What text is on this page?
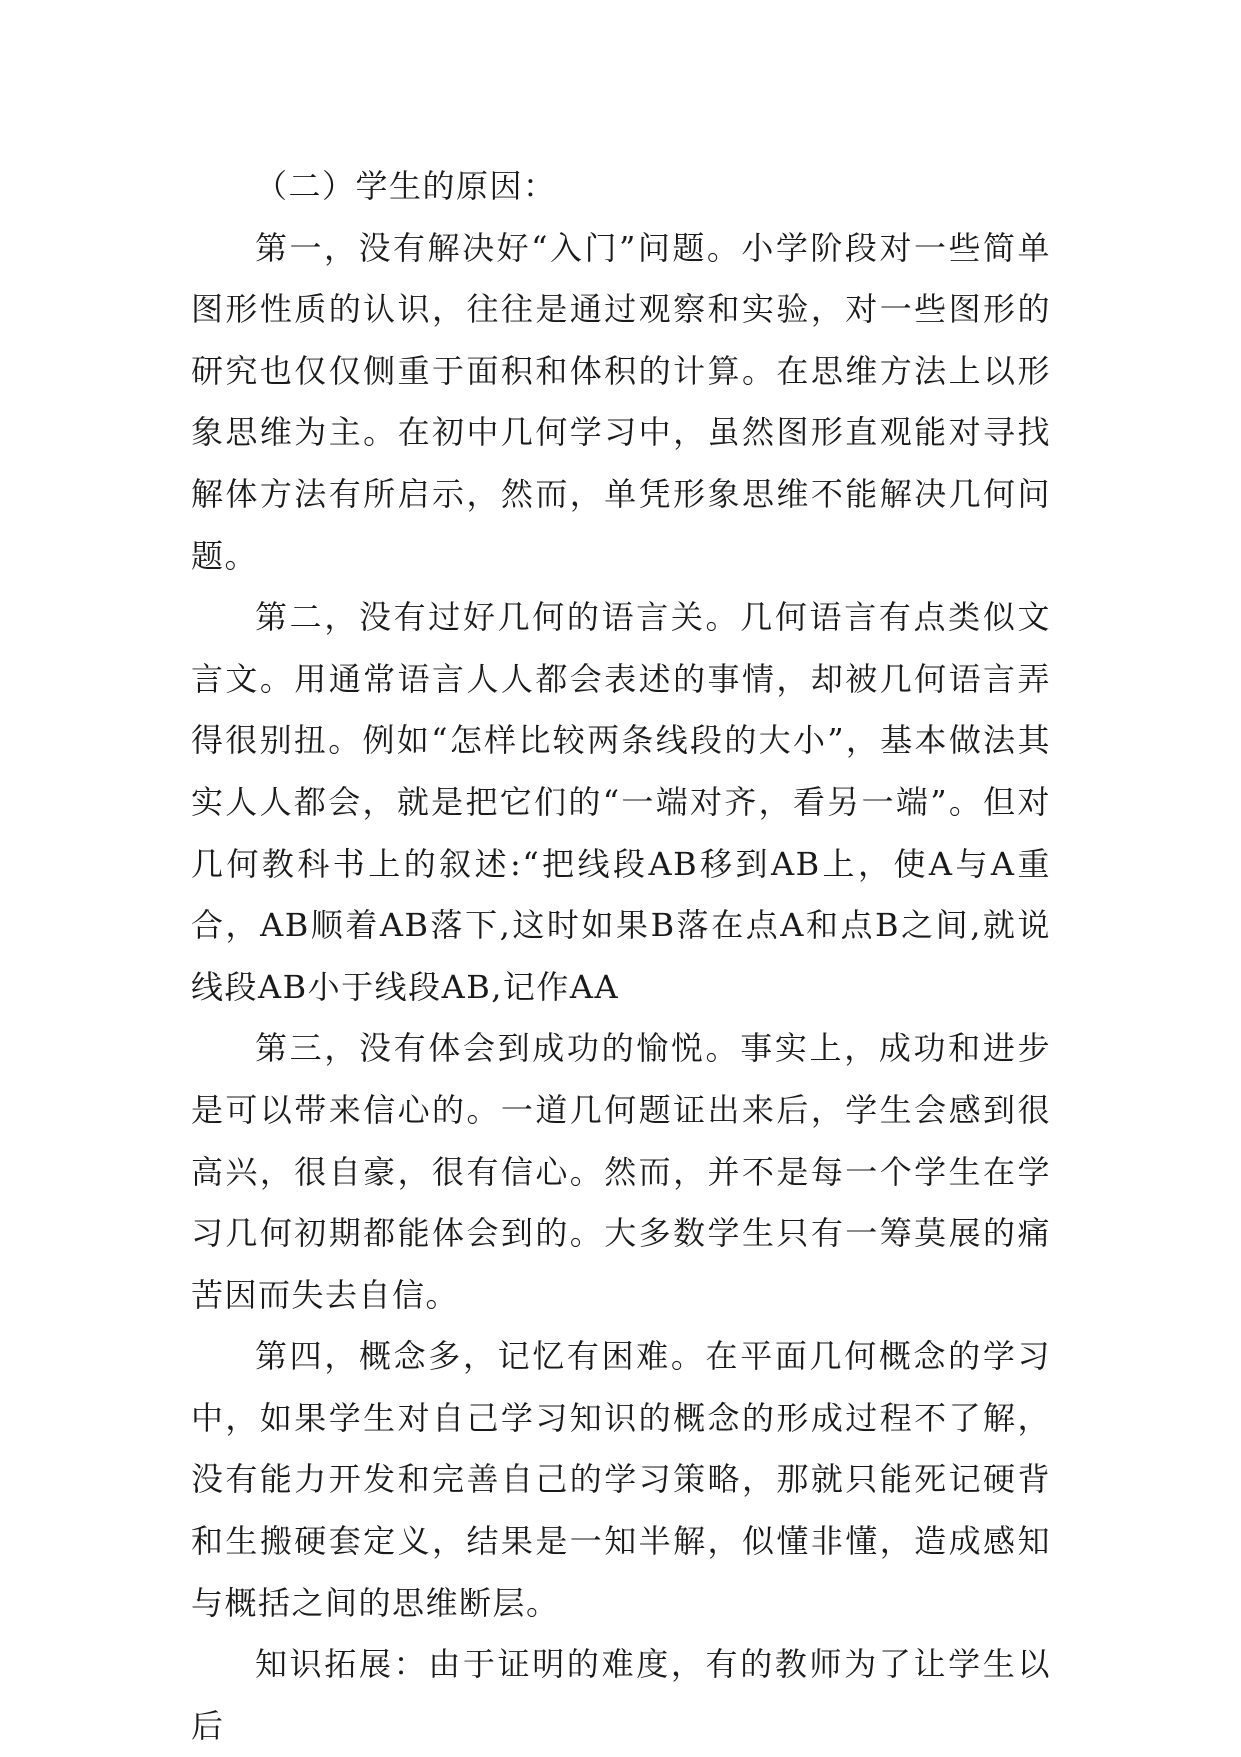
（二）学生的原因：

第一，没有解决好“入门”问题。小学阶段对一些简单图形性质的认识，往往是通过观察和实验，对一些图形的研究也仅仅侧重于面积和体积的计算。在思维方法上以形象思维为主。在初中几何学习中，虽然图形直观能对寻找解体方法有所启示，然而，单凭形象思维不能解决几何问题。

第二，没有过好几何的语言关。几何语言有点类似文言文。用通常语言人人都会表述的事情，却被几何语言弄得很别扭。例如“怎样比较两条线段的大小”，基本做法其实人人都会，就是把它们的“一端对齐，看另一端”。但对几何教科书上的叙述:“把线段AB移到AB上，使A与A重合，AB顺着AB落下,这时如果B落在点A和点B之间,就说线段AB小于线段AB,记作AA

第三，没有体会到成功的愉悦。事实上，成功和进步是可以带来信心的。一道几何题证出来后，学生会感到很高兴，很自豪，很有信心。然而，并不是每一个学生在学习几何初期都能体会到的。大多数学生只有一筹莫展的痛苦因而失去自信。

第四，概念多，记忆有困难。在平面几何概念的学习中，如果学生对自己学习知识的概念的形成过程不了解，没有能力开发和完善自己的学习策略，那就只能死记硬背和生搬硬套定义，结果是一知半解，似懂非懂，造成感知与概括之间的思维断层。

知识拓展：由于证明的难度，有的教师为了让学生以后
